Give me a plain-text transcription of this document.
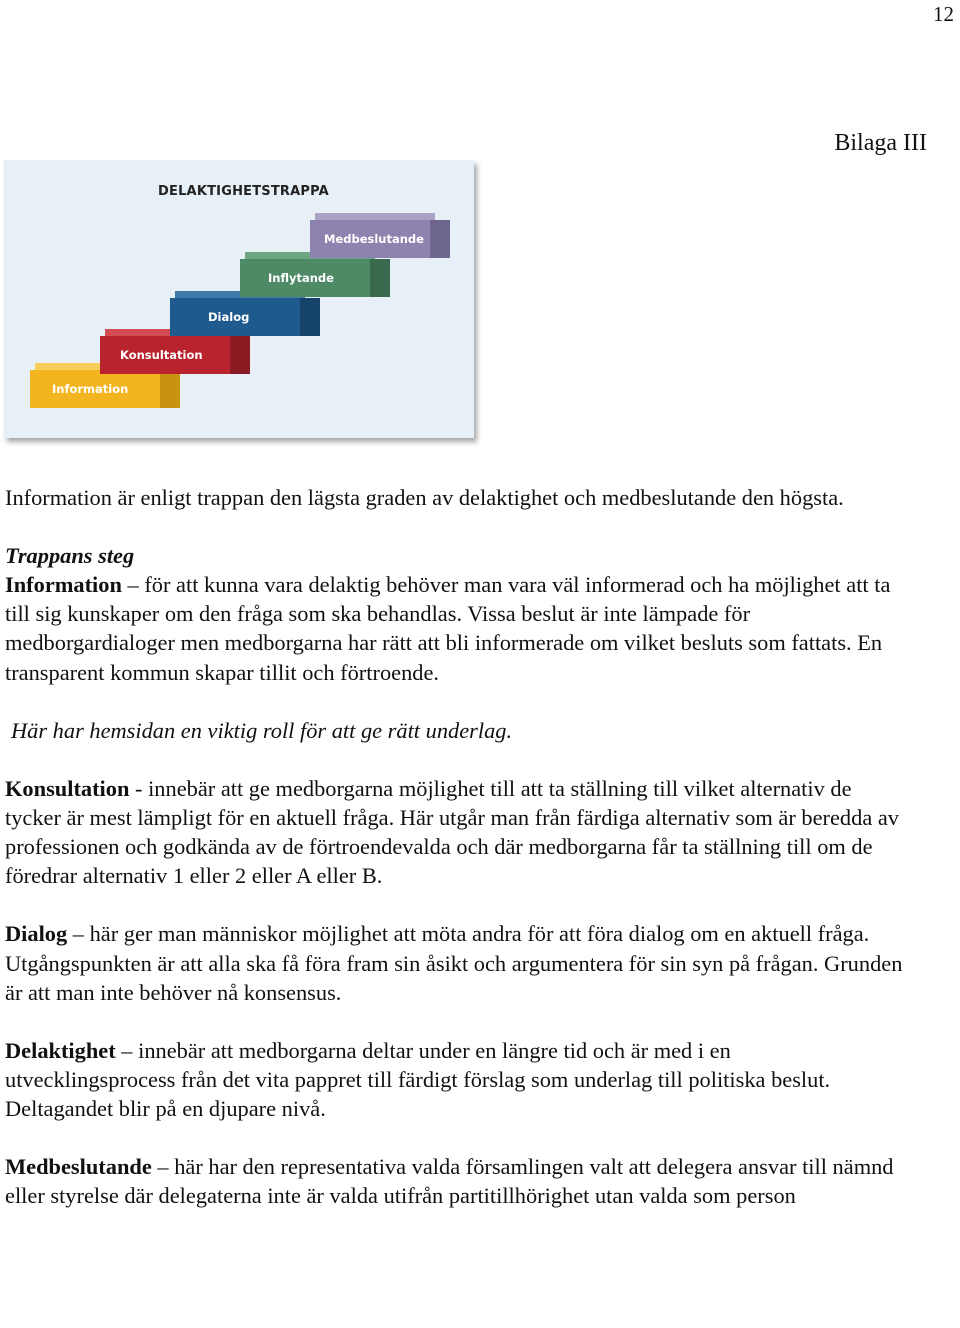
12
Bilaga III
DELAKTIGHETSTRAPPA
Information
Konsultation
Dialog
Inflytande
Medbeslutande

Information är enligt trappan den lägsta graden av delaktighet och medbeslutande den högsta.

Trappans steg

Information – för att kunna vara delaktig behöver man vara väl informerad och ha möjlighet att ta till sig kunskaper om den fråga som ska behandlas. Vissa beslut är inte lämpade för medborgardialoger men medborgarna har rätt att bli informerade om vilket besluts som fattats. En transparent kommun skapar tillit och förtroende.

Här har hemsidan en viktig roll för att ge rätt underlag.

Konsultation - innebär att ge medborgarna möjlighet till att ta ställning till vilket alternativ de tycker är mest lämpligt för en aktuell fråga. Här utgår man från färdiga alternativ som är beredda av professionen och godkända av de förtroendevalda och där medborgarna får ta ställning till om de föredrar alternativ 1 eller 2 eller A eller B.

Dialog – här ger man människor möjlighet att möta andra för att föra dialog om en aktuell fråga. Utgångspunkten är att alla ska få föra fram sin åsikt och argumentera för sin syn på frågan. Grunden är att man inte behöver nå konsensus.

Delaktighet – innebär att medborgarna deltar under en längre tid och är med i en utvecklingsprocess från det vita pappret till färdigt förslag som underlag till politiska beslut. Deltagandet blir på en djupare nivå.

Medbeslutande – här har den representativa valda församlingen valt att delegera ansvar till nämnd eller styrelse där delegaterna inte är valda utifrån partitillhörighet utan valda som person
